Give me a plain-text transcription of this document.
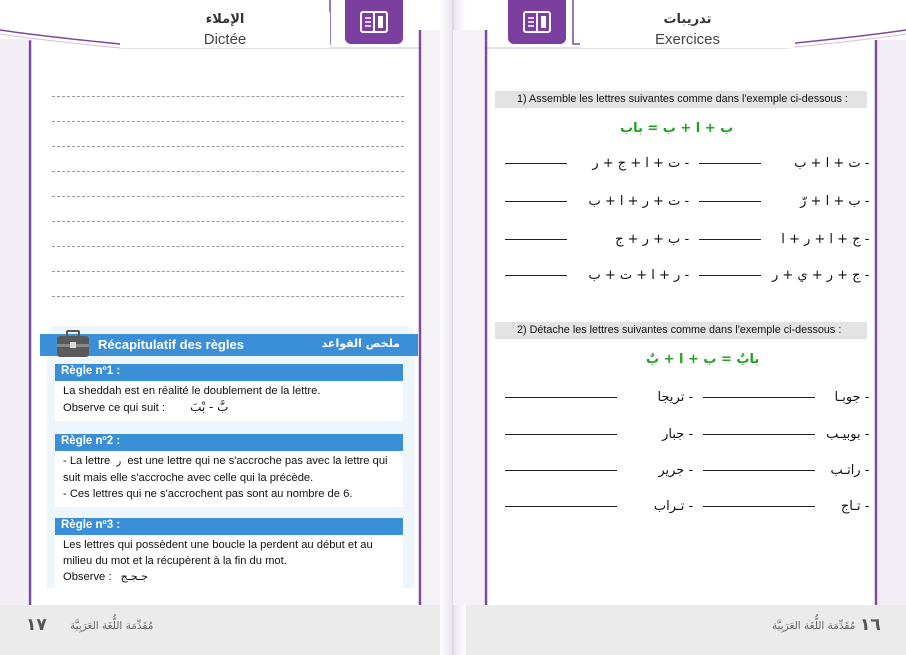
الإملاء
Dictée
Récapitulatif des règles	ملخص القواعد
Règle nº1 :
La sheddah est en réalité le doublement de la lettre.
Observe ce qui suit : بَّ - بْبَ
Règle nº2 :
- La lettre ر est une lettre qui ne s'accroche pas avec la lettre qui
suit mais elle s'accroche avec celle qui la précède.
- Ces lettres qui ne s'accrochent pas sont au nombre de 6.
Règle nº3 :
Les lettres qui possèdent une boucle la perdent au début et au
milieu du mot et la récupèrent à la fin du mot.
Observe : جـجـج
١٧ مُقَدِّمَة اللُّغَة العَرَبِيَّة
تدريبات
Exercices
1) Assemble les lettres suivantes comme dans l'exemple ci-dessous :
ب + ا + ب = باب
ت + ا + ج + ر -	ت + ا + ب -
ت + ر + ا + ب -	ب + ا + رّ -
ب + ر + ج -	ج + ا + ر + ا -
ر + ا + ت + ب -	ج + ر + ي + ر -
2) Détache les lettres suivantes comme dans l'exemple ci-dessous :
بابٌ = ب + ا + بٌ
تريجا -	جوبـا -
جبار -	بوبيـب -
جرير -	راتـب -
تـراب -	تـاج -
مُقَدِّمَة اللُّغَة العَرَبِيَّة ١٦
